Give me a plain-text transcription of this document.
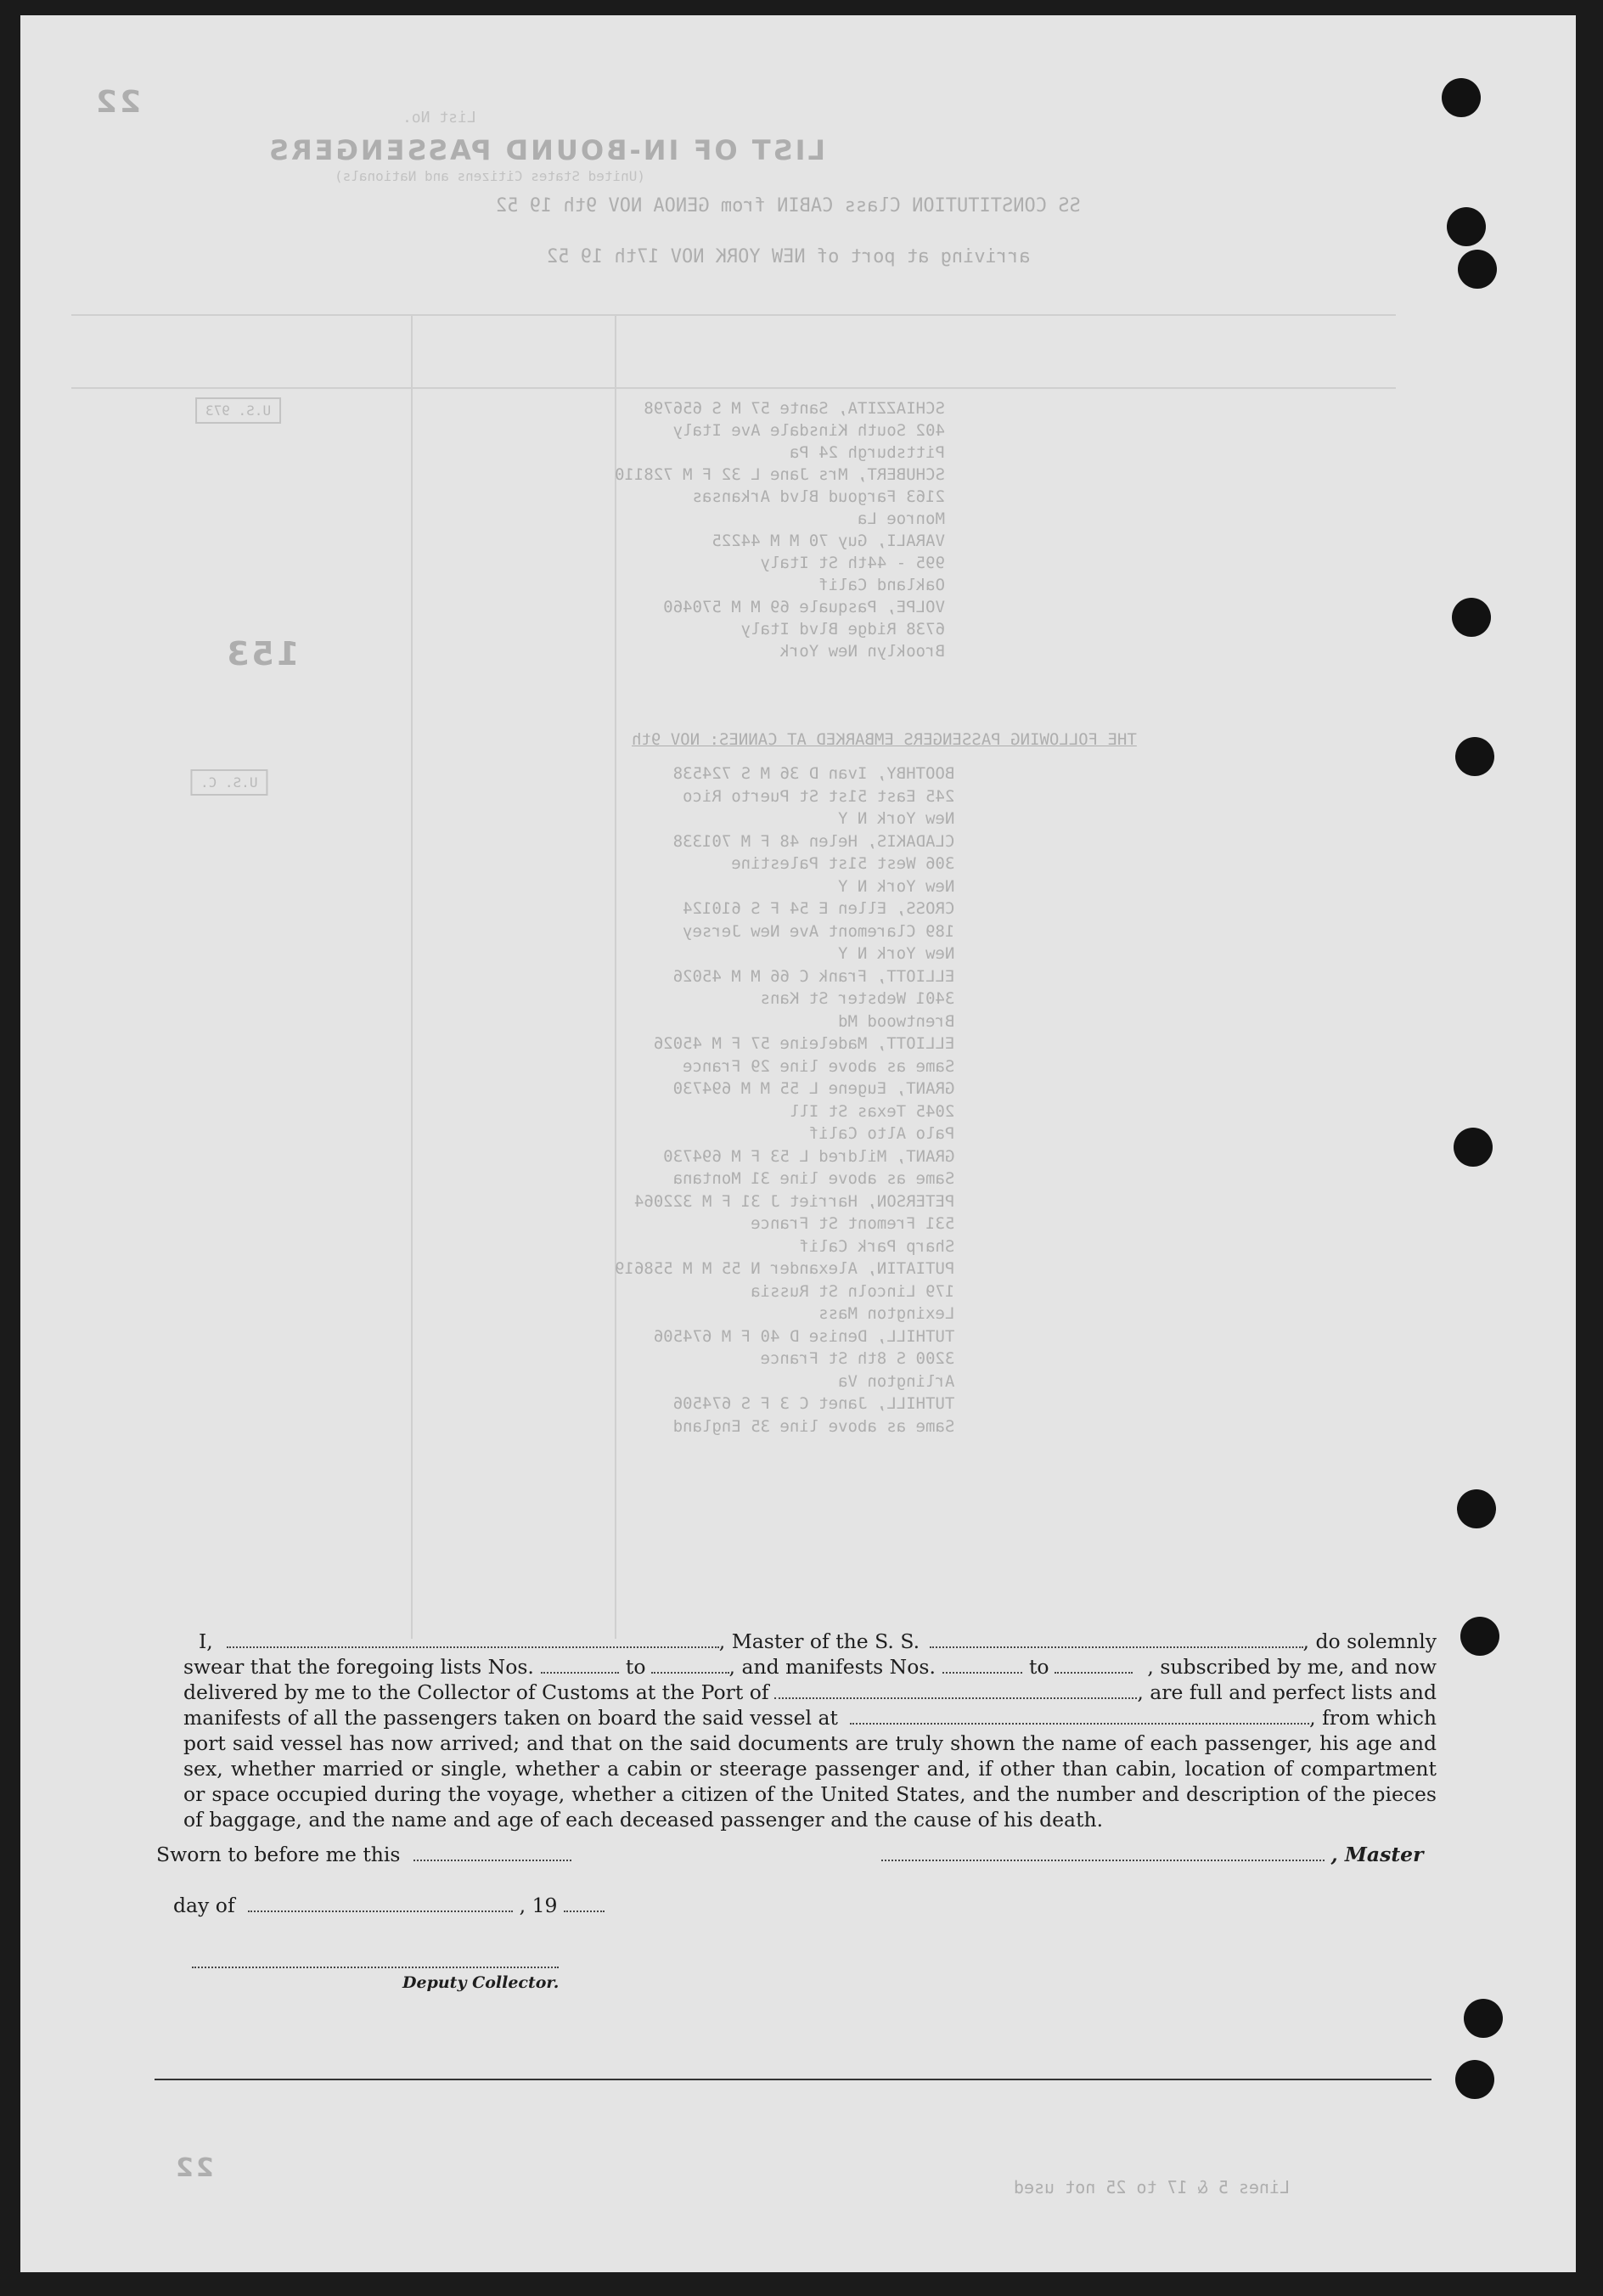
22	List No.
LIST OF IN-BOUND PASSENGERS
(United States Citizens and Nationals)
SS CONSTITUTION Class CABIN from GENOA NOV 9th 19 52
arriving at port of NEW YORK NOV 17th 19 52
U.S. 973
U.S. C.
153
SCHIAZZITA, Sante 57 M S 656798
402 South Kinsdale Ave Italy
Pittsburgh 24 Pa
SCHUBERT, Mrs Jane L 32 F M 728110
2163 Fargoud Blvd Arkansas
Monroe La
VARALI, Guy 70 M M 44225
995 - 44th St Italy
Oakland Calif
VOLPE, Pasquale 69 M M 570460
6738 Ridge Blvd Italy
Brooklyn New York
THE FOLLOWING PASSENGERS EMBARKED AT CANNES: NOV 9th
BOOTHBY, Ivan D 36 M S 724538
245 East 51st St Puerto Rico
New York N Y
CLADAKIS, Helen 48 F M 701338
306 West 51st Palestine
New York N Y
CROSS, Ellen E 54 F S 610124
189 Claremont Ave New Jersey
New York N Y
ELLIOTT, Frank C 66 M M 45026
3401 Webster St Kans
Brentwood Md
ELLIOTT, Madeleine 57 F M 45026
Same as above line 29 France
GRANT, Eugene L 55 M M 694730
2045 Texas St Ill
Palo Alto Calif
GRANT, Mildred L 53 F M 694730
Same as above line 31 Montana
PETERSON, Harriet J 31 F M 322064
531 Fremont St France
Sharp Park Calif
PUTIATIN, Alexander N 55 M M 558619
179 Lincoln St Russia
Lexington Mass
TUTHILL, Denise D 40 F M 674506
3200 S 8th St France
Arlington Va
TUTHILL, Janet C 3 F S 674506
Same as above line 35 England
22
Lines 5 & 17 to 25 not used
I,	, Master of the S. S.	, do solemnly
swear that the foregoing lists Nos.	to	, and manifests Nos.	to	, subscribed by me, and now
delivered by me to the Collector of Customs at the Port of	, are full and perfect lists and
manifests of all the passengers taken on board the said vessel at	, from which
port said vessel has now arrived; and that on the said documents are truly shown the name of each passenger, his age and sex, whether married or single, whether a cabin or steerage passenger and, if other than cabin, location of compartment or space occupied during the voyage, whether a citizen of the United States, and the number and description of the pieces of baggage, and the name and age of each deceased passenger and the cause of his death.
Sworn to before me this	, Master
day of	, 19
Deputy Collector.
